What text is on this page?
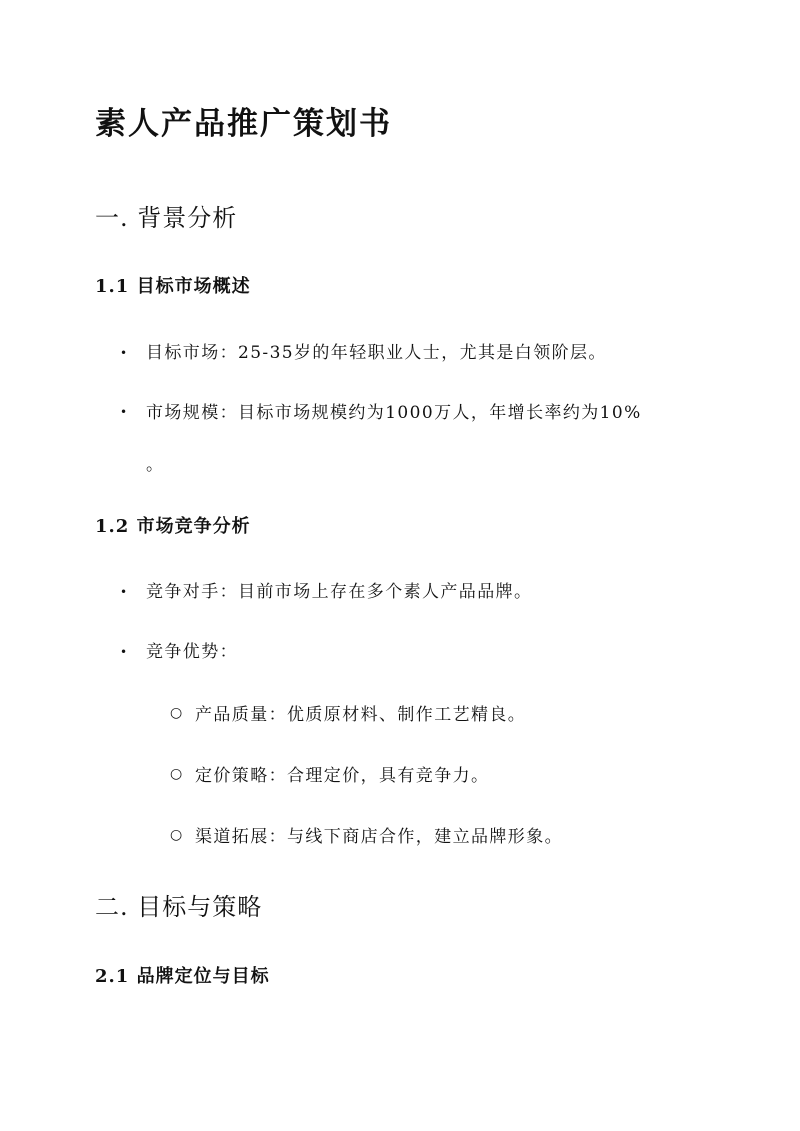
素人产品推广策划书
一. 背景分析
1.1 目标市场概述
• 目标市场：25-35岁的年轻职业人士，尤其是白领阶层。
• 市场规模：目标市场规模约为1000万人，年增长率约为10%
。
1.2 市场竞争分析
• 竞争对手：目前市场上存在多个素人产品品牌。
• 竞争优势：
○ 产品质量：优质原材料、制作工艺精良。
○ 定价策略：合理定价，具有竞争力。
○ 渠道拓展：与线下商店合作，建立品牌形象。
二. 目标与策略
2.1 品牌定位与目标
